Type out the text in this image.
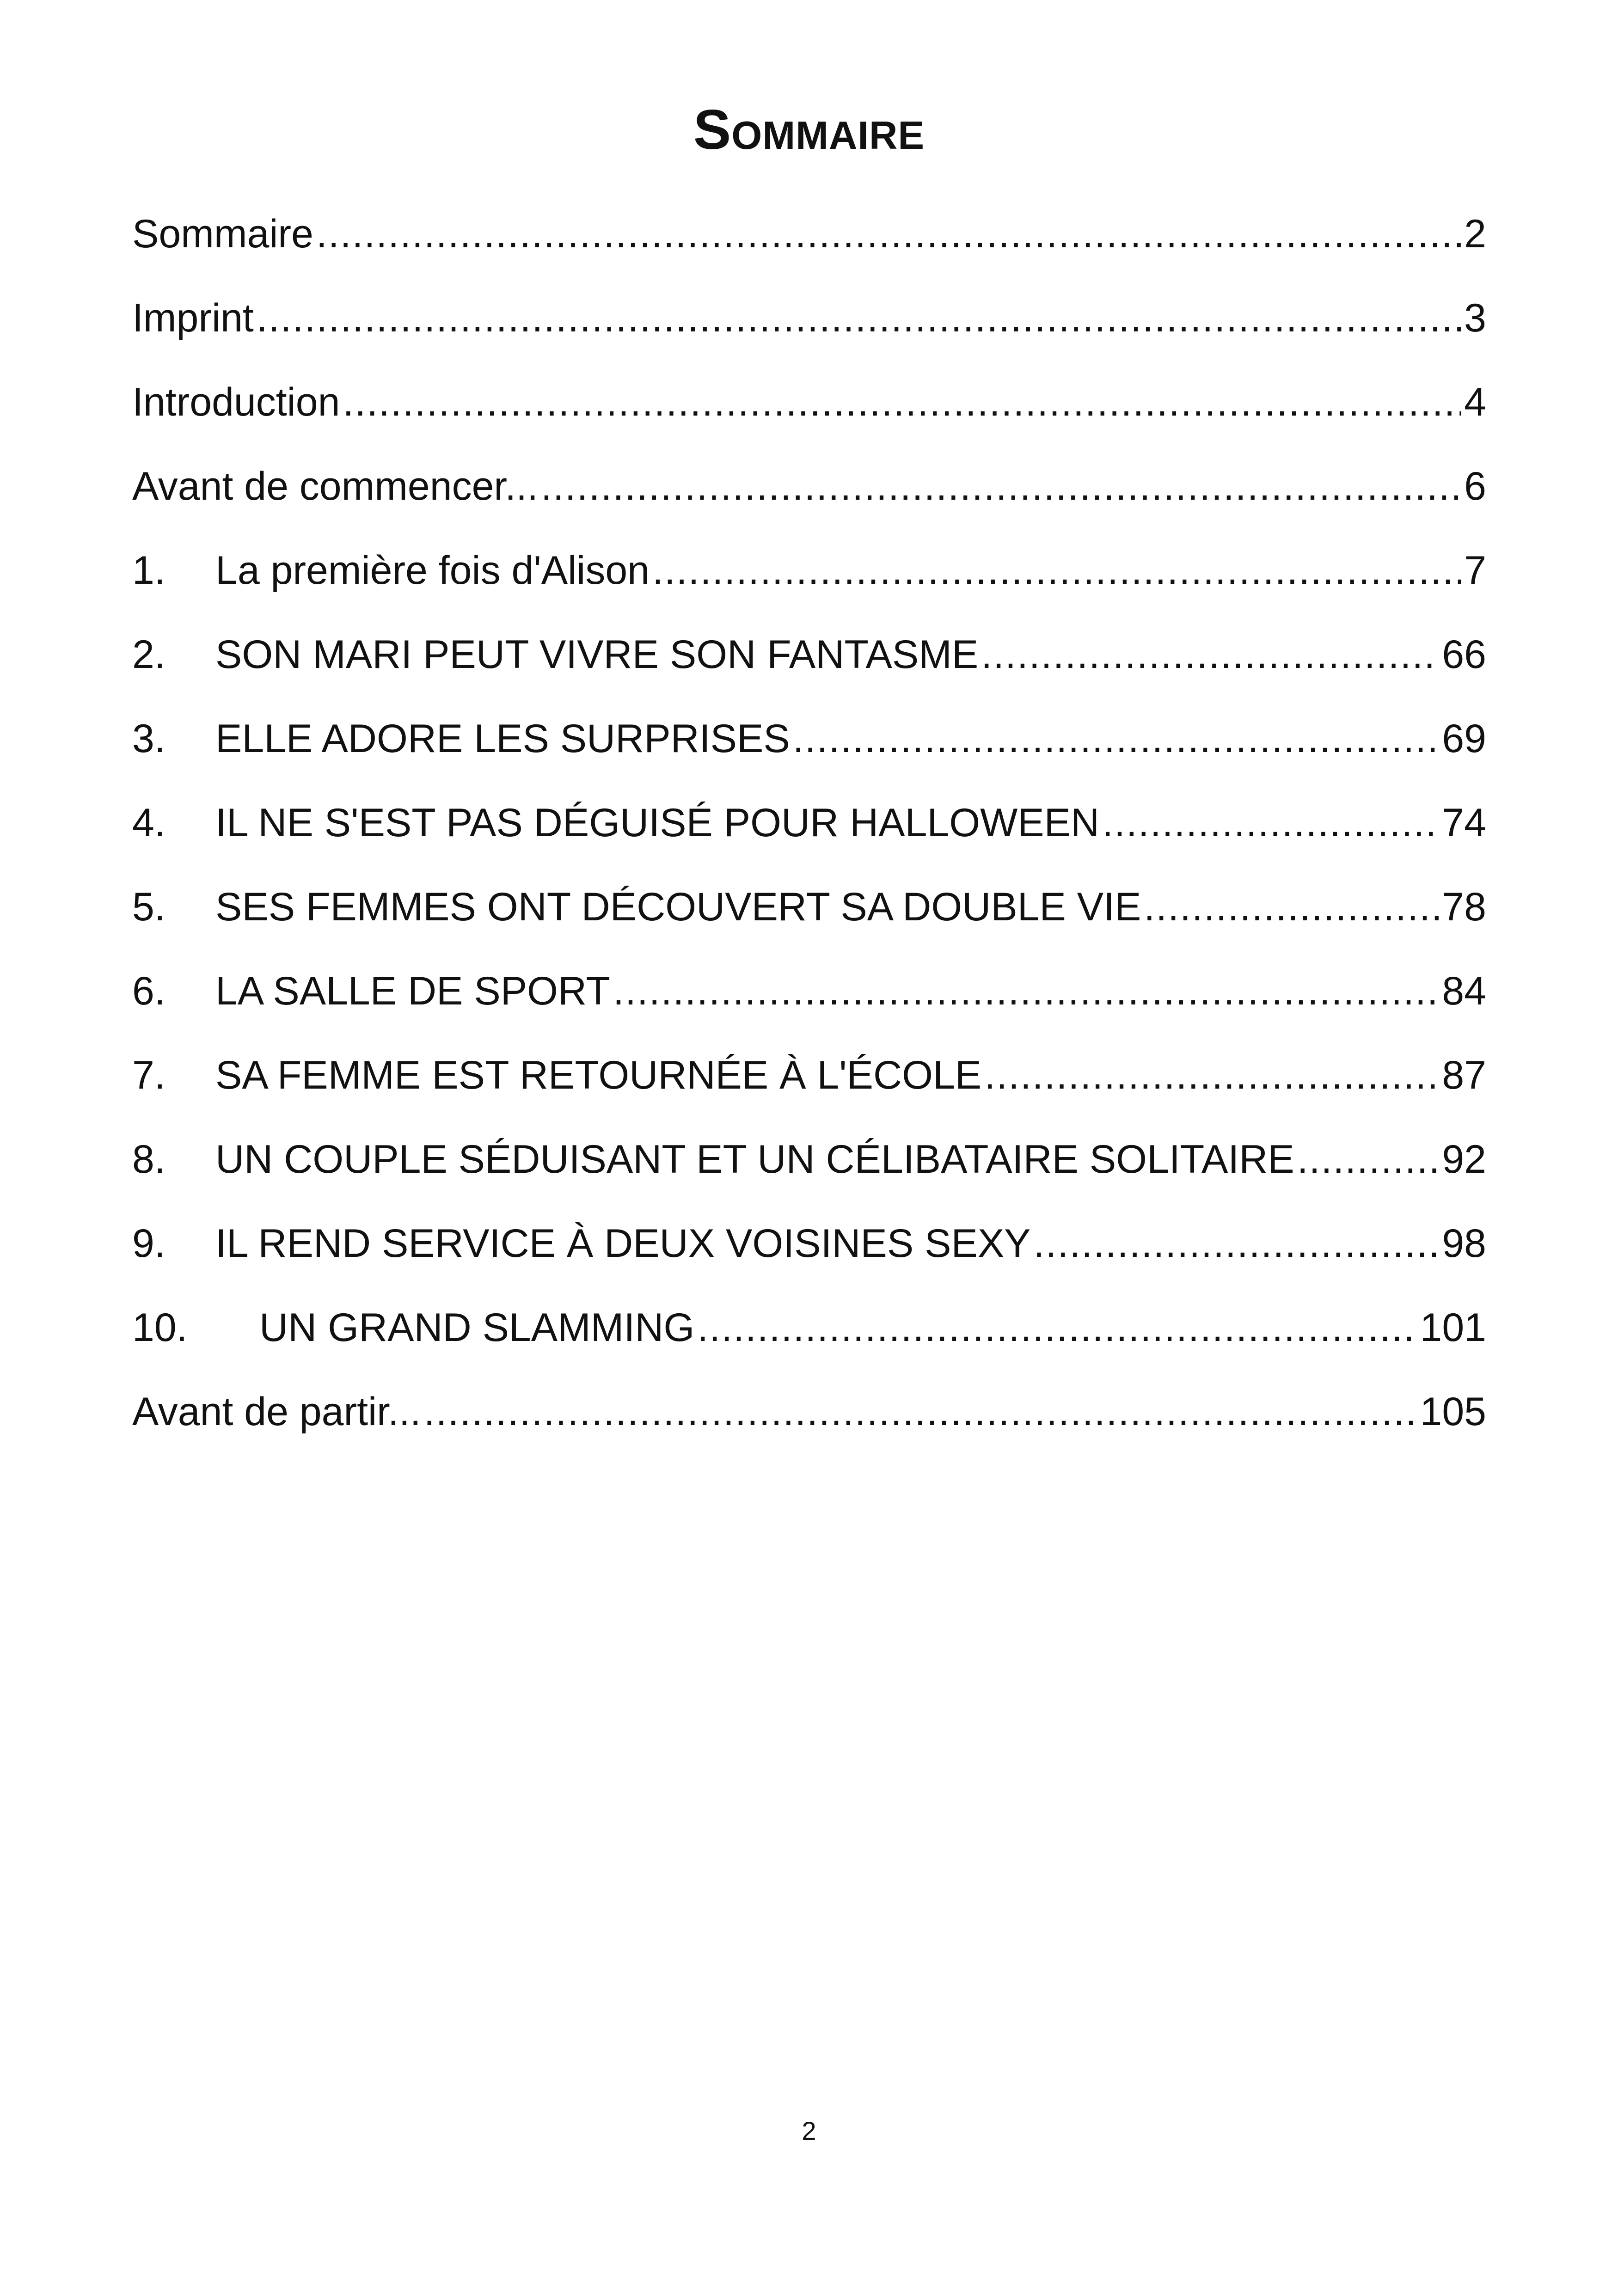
Sommaire
Sommaire .....	2
Imprint .....	3
Introduction .....	4
Avant de commencer... .....	6
1.	La première fois d'Alison .....	7
2.	SON MARI PEUT VIVRE SON FANTASME .....	66
3.	ELLE ADORE LES SURPRISES .....	69
4.	IL NE S'EST PAS DÉGUISÉ POUR HALLOWEEN .....	74
5.	SES FEMMES ONT DÉCOUVERT SA DOUBLE VIE .....	78
6.	LA SALLE DE SPORT .....	84
7.	SA FEMME EST RETOURNÉE À L'ÉCOLE .....	87
8.	UN COUPLE SÉDUISANT ET UN CÉLIBATAIRE SOLITAIRE .....	92
9.	IL REND SERVICE À DEUX VOISINES SEXY .....	98
10.	UN GRAND SLAMMING .....	101
Avant de partir... .....	105
2
